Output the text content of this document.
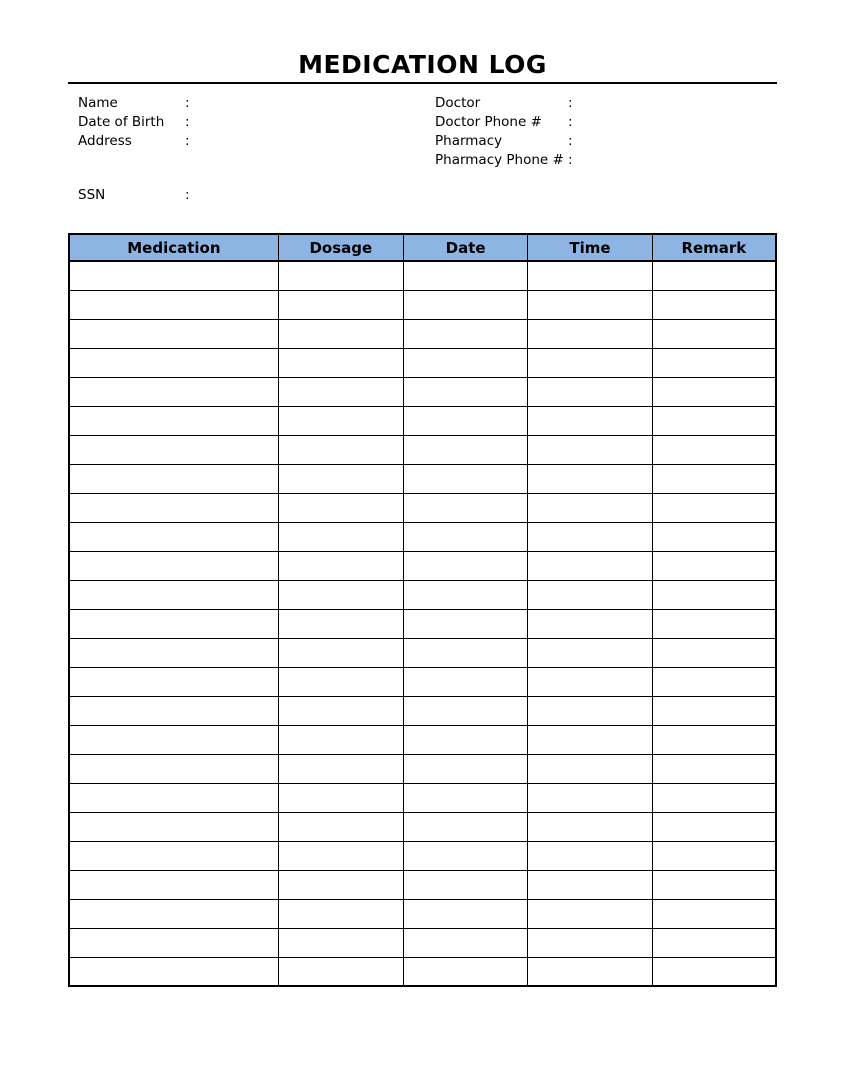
MEDICATION LOG
Name	:
Date of Birth	:
Address	:
Doctor	:
Doctor Phone #	:
Pharmacy	:
Pharmacy Phone # :
SSN	:
Medication	Dosage	Date	Time	Remark
